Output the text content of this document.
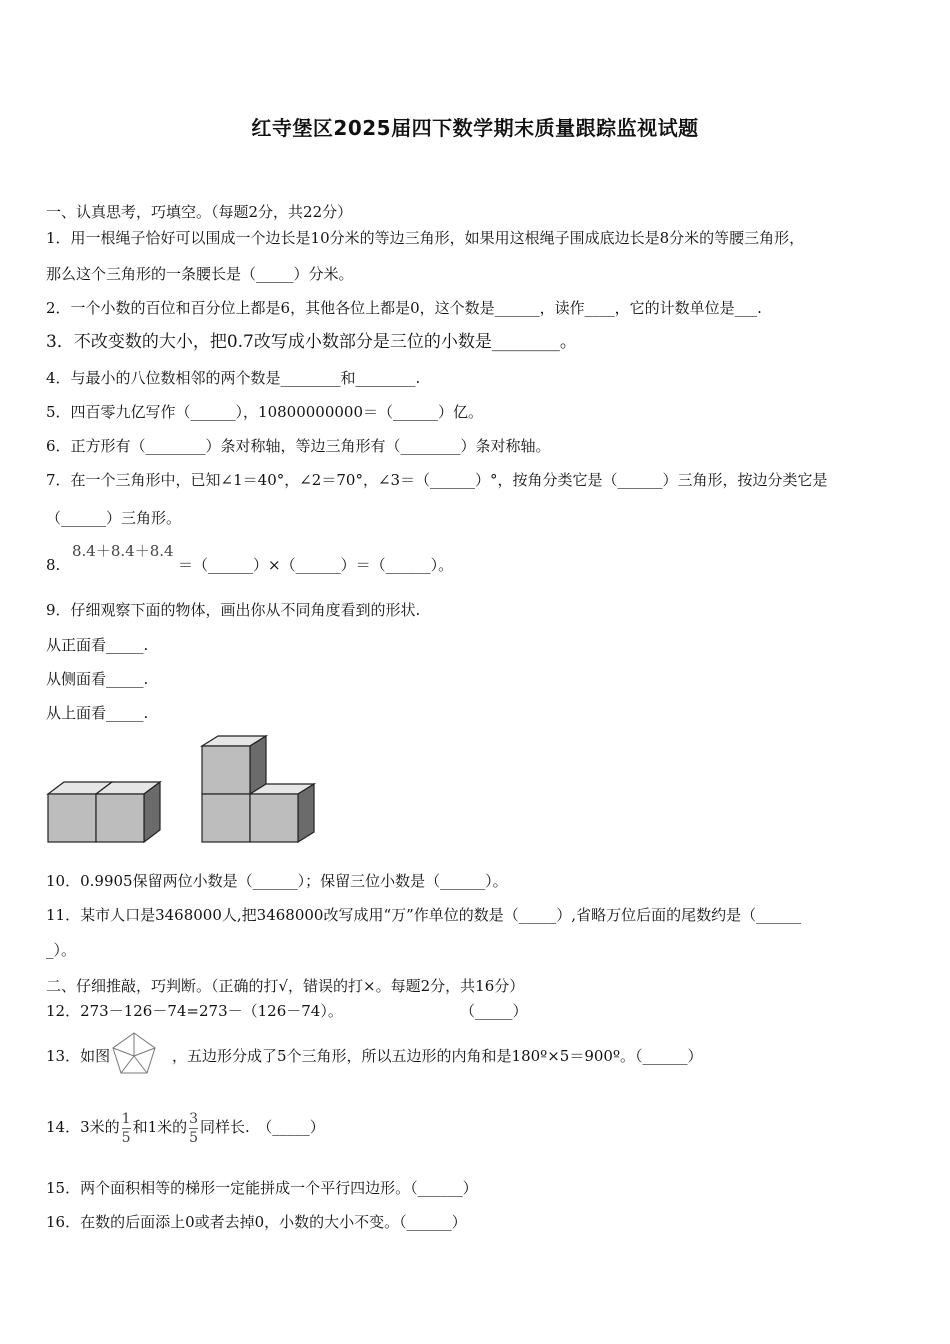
红寺堡区2025届四下数学期末质量跟踪监视试题
一、认真思考，巧填空。（每题2分，共22分）
1．用一根绳子恰好可以围成一个边长是10分米的等边三角形，如果用这根绳子围成底边长是8分米的等腰三角形，
那么这个三角形的一条腰长是（_____）分米。
2．一个小数的百位和百分位上都是6，其他各位上都是0，这个数是______，读作____，它的计数单位是___.
3．不改变数的大小，把0.7改写成小数部分是三位的小数是________。
4．与最小的八位数相邻的两个数是________和________.
5．四百零九亿写作（______），10800000000＝（______）亿。
6．正方形有（________）条对称轴，等边三角形有（________）条对称轴。
7．在一个三角形中，已知∠1＝40°，∠2＝70°，∠3＝（______）°，按角分类它是（______）三角形，按边分类它是
（______）三角形。
8.
8.4＋8.4＋8.4
＝（______）×（______）＝（______）。
9．仔细观察下面的物体，画出你从不同角度看到的形状.
从正面看_____.
从侧面看_____.
从上面看_____.
10．0.9905保留两位小数是（______）；保留三位小数是（______）。
11．某市人口是3468000人,把3468000改写成用“万”作单位的数是（_____）,省略万位后面的尾数约是（______
_）。
二、仔细推敲，巧判断。（正确的打√，错误的打×。每题2分，共16分）
12．273－126－74=273－（126－74）。	（_____）
13．如图	，五边形分成了5个三角形，所以五边形的内角和是180º×5＝900º。（______）
14．3米的 $\frac{1}{5}$ 和1米的 $\frac{3}{5}$ 同样长.　（_____）
15．两个面积相等的梯形一定能拼成一个平行四边形。（______）
16．在数的后面添上0或者去掉0，小数的大小不变。（______）
